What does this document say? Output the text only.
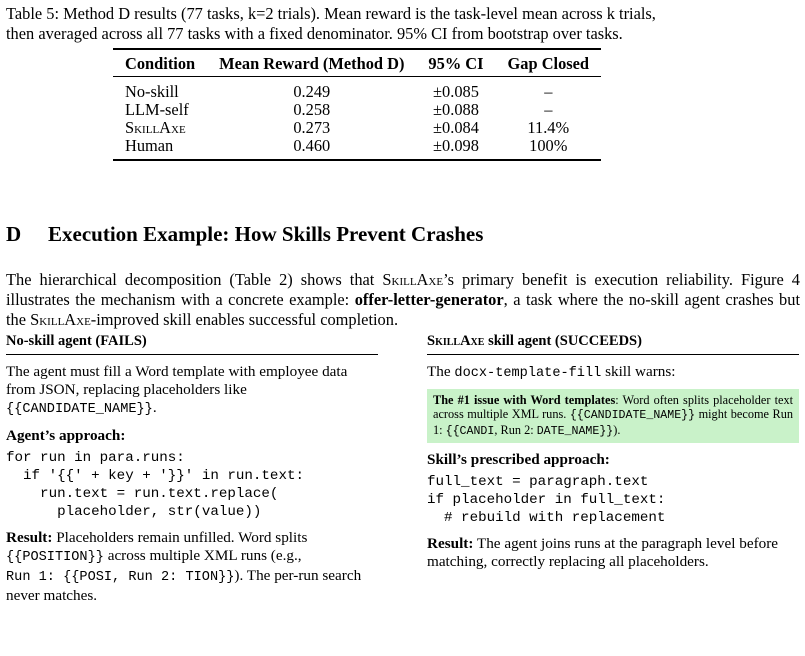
Table 5: Method D results (77 tasks, k=2 trials). Mean reward is the task-level mean across k trials,
then averaged across all 77 tasks with a fixed denominator. 95% CI from bootstrap over tasks.
Condition	Mean Reward (Method D)	95% CI	Gap Closed
No-skill	0.249	±0.085	–
LLM-self	0.258	±0.088	–
SkillAxe	0.273	±0.084	11.4%
Human	0.460	±0.098	100%
D Execution Example: How Skills Prevent Crashes
The hierarchical decomposition (Table 2) shows that SkillAxe’s primary benefit is execution reliability. Figure 4 illustrates the mechanism with a concrete example: offer-letter-generator, a task where the no-skill agent crashes but the SkillAxe-improved skill enables successful completion.
No-skill agent (FAILS)

The agent must fill a Word template with employee data from JSON, replacing placeholders like
{{CANDIDATE_NAME}}.

Agent’s approach:
for run in para.runs:
if '{{' + key + '}}' in run.text:
run.text = run.text.replace(
placeholder, str(value))

Result: Placeholders remain unfilled. Word splits
{{POSITION}} across multiple XML runs (e.g.,
Run 1: {{POSI, Run 2: TION}}). The per-run search never matches.

SkillAxe skill agent (SUCCEEDS)

The docx-template-fill skill warns:

The #1 issue with Word templates: Word often splits placeholder text across multiple XML runs. {{CANDIDATE_NAME}} might become Run 1: {{CANDI, Run 2: DATE_NAME}}).
Skill’s prescribed approach:
full_text = paragraph.text
if placeholder in full_text:
# rebuild with replacement

Result: The agent joins runs at the paragraph level before matching, correctly replacing all placeholders.
